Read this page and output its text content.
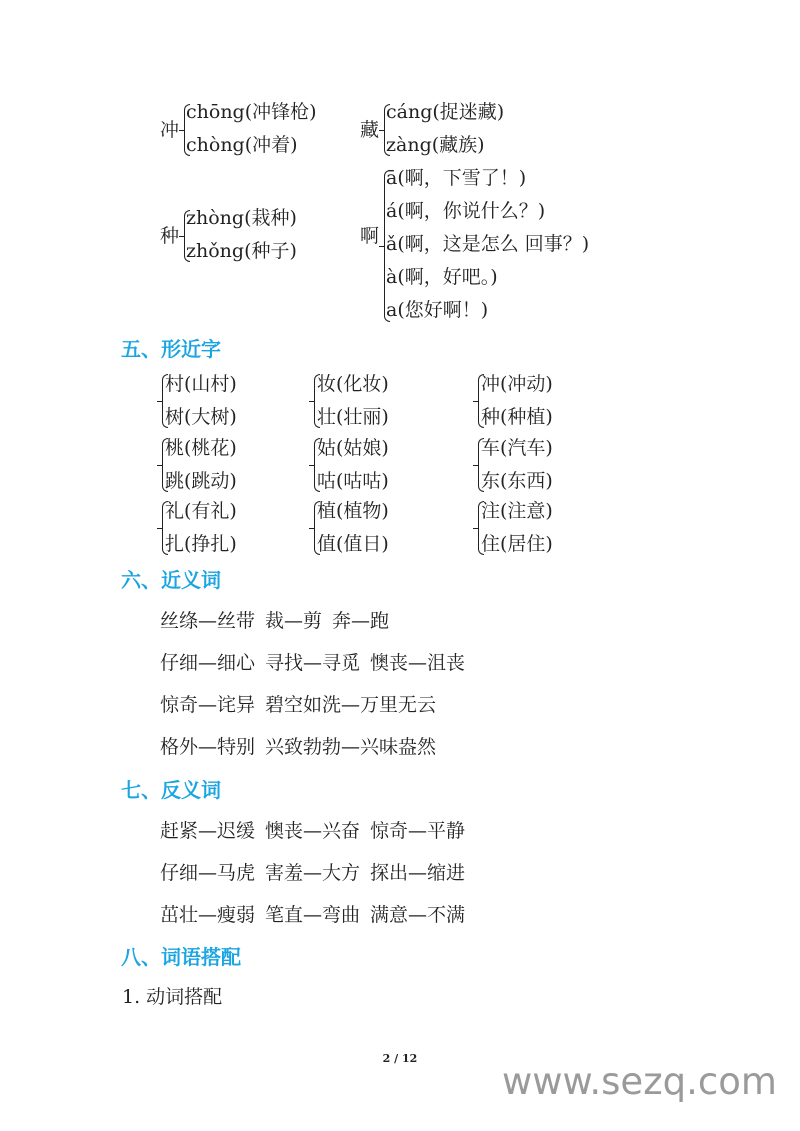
冲
chōng(冲锋枪)
chòng(冲着)
藏
cáng(捉迷藏)
zàng(藏族)
种
zhòng(栽种)
zhǒng(种子)
啊
ā(啊，下雪了！)
á(啊，你说什么？)
ǎ(啊，这是怎么 回事？)
à(啊，好吧。)
a(您好啊！)
五、形近字
村(山村)
树(大树)
妆(化妆)
壮(壮丽)
冲(冲动)
种(种植)
桃(桃花)
跳(跳动)
姑(姑娘)
咕(咕咕)
车(汽车)
东(东西)
礼(有礼)
扎(挣扎)
植(植物)
值(值日)
注(注意)
住(居住)
六、近义词
丝绦—丝带 裁—剪 奔—跑
仔细—细心 寻找—寻觅 懊丧—沮丧
惊奇—诧异 碧空如洗—万里无云
格外—特别 兴致勃勃—兴味盎然
七、反义词
赶紧—迟缓 懊丧—兴奋 惊奇—平静
仔细—马虎 害羞—大方 探出—缩进
茁壮—瘦弱 笔直—弯曲 满意—不满
八、词语搭配
1. 动词搭配
2 / 12
www.sezq.com
